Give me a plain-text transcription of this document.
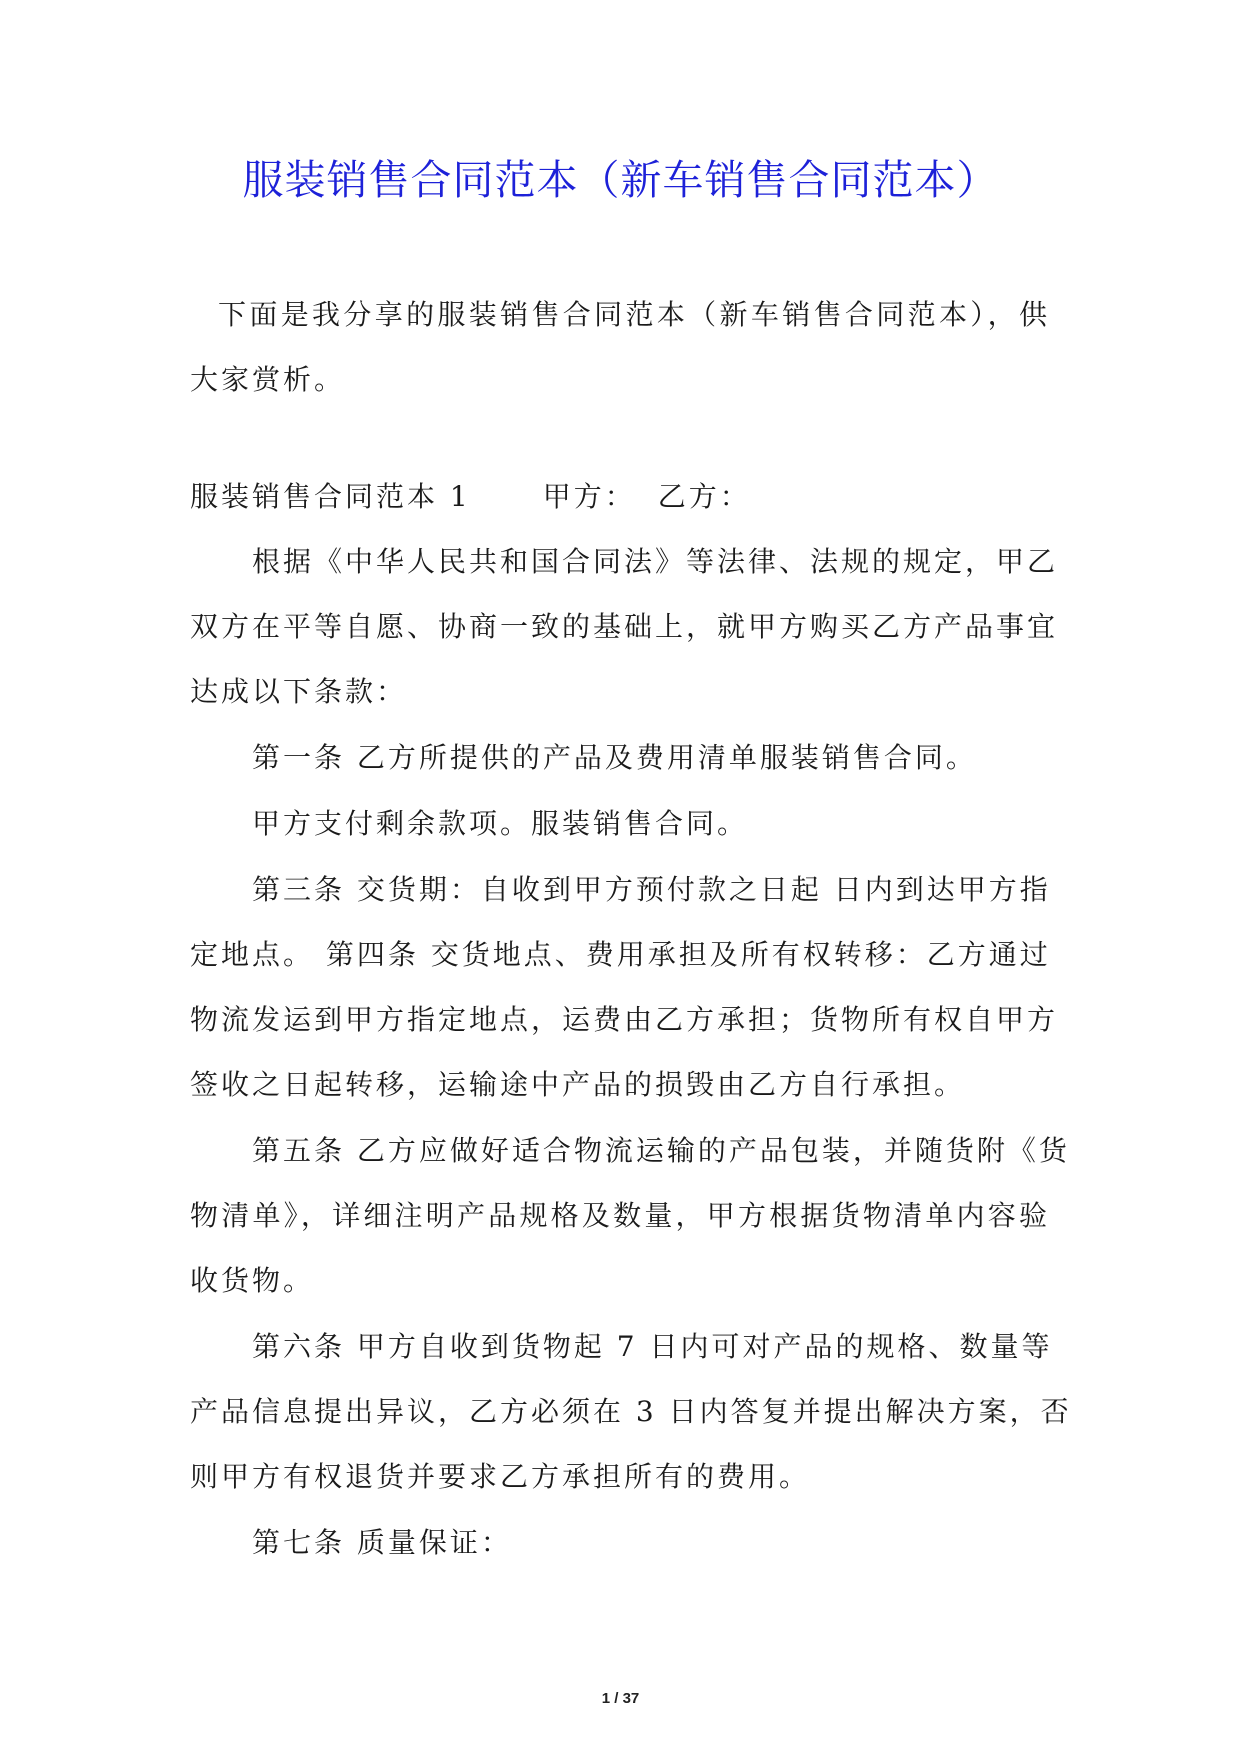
服装销售合同范本（新车销售合同范本）
下面是我分享的服装销售合同范本（新车销售合同范本），供
大家赏析。
服装销售合同范本 1	甲方： 乙方：
根据《中华人民共和国合同法》等法律、法规的规定，甲乙
双方在平等自愿、协商一致的基础上，就甲方购买乙方产品事宜
达成以下条款：
第一条 乙方所提供的产品及费用清单服装销售合同。
甲方支付剩余款项。服装销售合同。
第三条 交货期：自收到甲方预付款之日起 日内到达甲方指
定地点。 第四条 交货地点、费用承担及所有权转移：乙方通过
物流发运到甲方指定地点，运费由乙方承担；货物所有权自甲方
签收之日起转移，运输途中产品的损毁由乙方自行承担。
第五条 乙方应做好适合物流运输的产品包装，并随货附《货
物清单》，详细注明产品规格及数量，甲方根据货物清单内容验
收货物。
第六条 甲方自收到货物起 7 日内可对产品的规格、数量等
产品信息提出异议，乙方必须在 3 日内答复并提出解决方案，否
则甲方有权退货并要求乙方承担所有的费用。
第七条 质量保证：
1 / 37
